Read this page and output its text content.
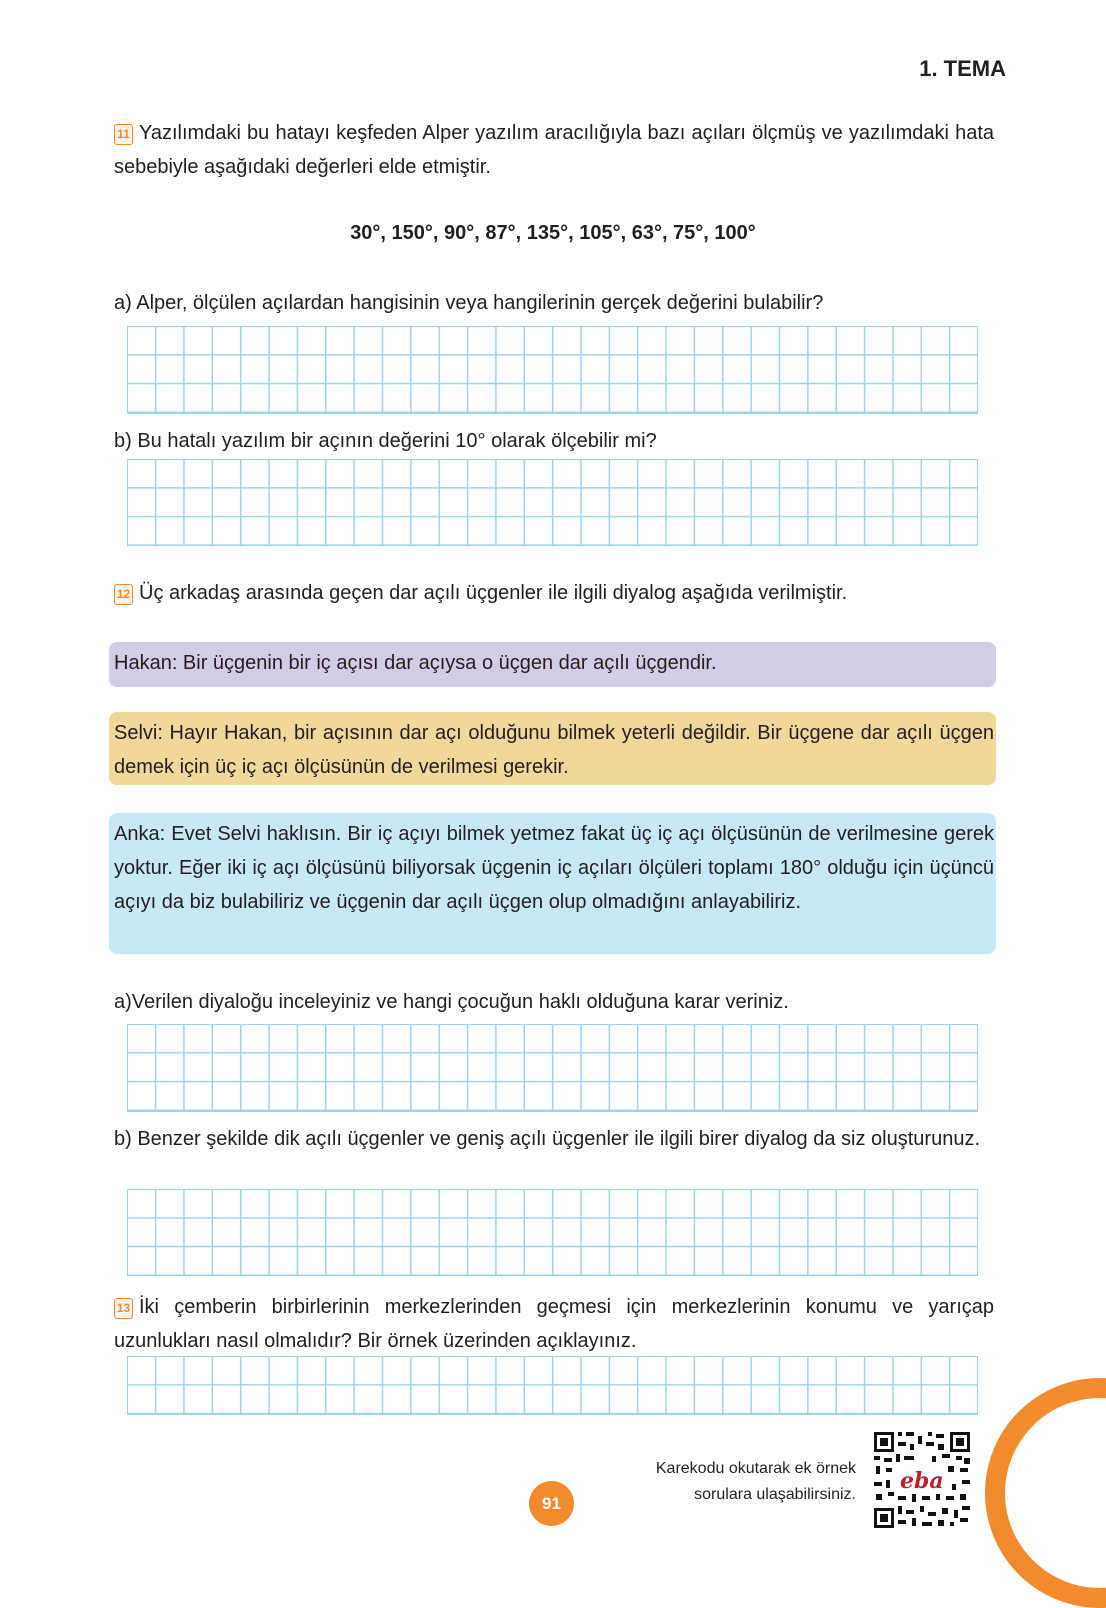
1. TEMA
11 Yazılımdaki bu hatayı keşfeden Alper yazılım aracılığıyla bazı açıları ölçmüş ve yazılımdaki hata sebebiyle aşağıdaki değerleri elde etmiştir.
30°, 150°, 90°, 87°, 135°, 105°, 63°, 75°, 100°
a) Alper, ölçülen açılardan hangisinin veya hangilerinin gerçek değerini bulabilir?
b) Bu hatalı yazılım bir açının değerini 10° olarak ölçebilir mi?
12 Üç arkadaş arasında geçen dar açılı üçgenler ile ilgili diyalog aşağıda verilmiştir.
Hakan: Bir üçgenin bir iç açısı dar açıysa o üçgen dar açılı üçgendir.
Selvi: Hayır Hakan, bir açısının dar açı olduğunu bilmek yeterli değildir. Bir üçgene dar açılı üçgen demek için üç iç açı ölçüsünün de verilmesi gerekir.
Anka: Evet Selvi haklısın. Bir iç açıyı bilmek yetmez fakat üç iç açı ölçüsünün de verilmesine gerek yoktur. Eğer iki iç açı ölçüsünü biliyorsak üçgenin iç açıları ölçüleri toplamı 180° olduğu için üçüncü açıyı da biz bulabiliriz ve üçgenin dar açılı üçgen olup olmadığını anlayabiliriz.
a)Verilen diyaloğu inceleyiniz ve hangi çocuğun haklı olduğuna karar veriniz.
b) Benzer şekilde dik açılı üçgenler ve geniş açılı üçgenler ile ilgili birer diyalog da siz oluşturunuz.
13 İki çemberin birbirlerinin merkezlerinden geçmesi için merkezlerinin konumu ve yarıçap uzunlukları nasıl olmalıdır? Bir örnek üzerinden açıklayınız.
Karekodu okutarak ek örnek
sorulara ulaşabilirsiniz.
eba
91
